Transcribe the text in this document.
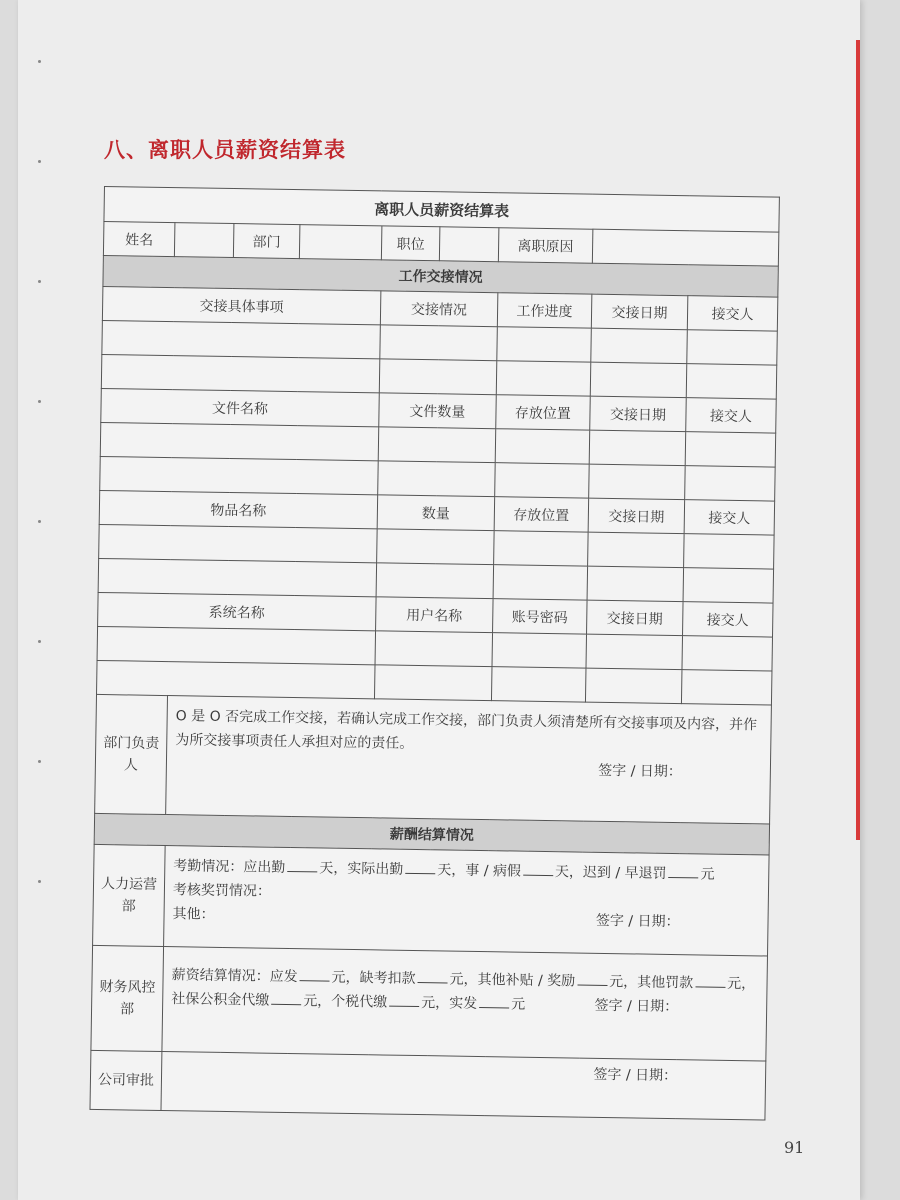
八、离职人员薪资结算表
离职人员薪资结算表								
姓名		部门		职位		离职原因		
工作交接情况								
交接具体事项				交接情况		工作进度	交接日期	接交人

文件名称				文件数量		存放位置	交接日期	接交人

物品名称				数量		存放位置	交接日期	接交人

系统名称				用户名称		账号密码	交接日期	接交人

部门负责人	O 是 O 否完成工作交接，若确认完成工作交接，部门负责人须清楚所有交接事项及内容，并作为所交接事项责任人承担对应的责任。
签字 / 日期：							

薪酬结算情况								
人力运营部	考勤情况：应出勤 天，实际出勤 天，事 / 病假 天，迟到 / 早退罚 元
考核奖罚情况：
其他： 签字 / 日期：							

财务风控部	薪资结算情况：应发 元，缺考扣款 元，其他补贴 / 奖励 元，其他罚款 元，
社保公积金代缴 元，个税代缴 元，实发 元 签字 / 日期：							

公司审批	签字 / 日期：							
91
